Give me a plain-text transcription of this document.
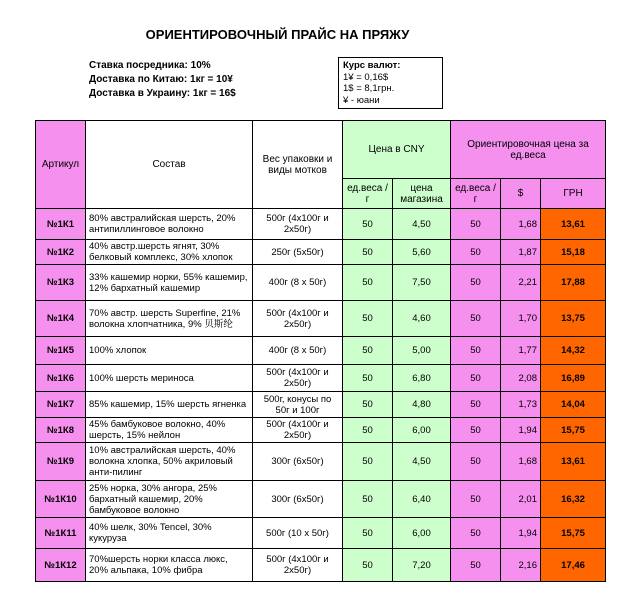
ОРИЕНТИРОВОЧНЫЙ ПРАЙС НА ПРЯЖУ
Ставка посредника: 10%
Доставка по Китаю: 1кг = 10¥
Доставка в Украину: 1кг = 16$
Курс валют:
1¥ = 0,16$
1$ = 8,1грн.
¥ - юани
Артикул	Состав	Вес упаковки и виды мотков	Цена в CNY		Ориентировочная цена за ед.веса		
			ед.веса /г	цена магазина	ед.веса /г	$	ГРН
№1К1	80% австралийская шерсть, 20% антипиллинговое волокно	500г (4х100г и 2х50г)	50	4,50	50	1,68	13,61
№1К2	40% австр.шерсть ягнят, 30% белковый комплекс, 30% хлопок	250г (5х50г)	50	5,60	50	1,87	15,18
№1К3	33% кашемир норки, 55% кашемир, 12% бархатный кашемир	400г (8 х 50г)	50	7,50	50	2,21	17,88
№1К4	70% австр. шерсть Superfine, 21% волокна хлопчатника, 9% 贝斯纶	500г (4х100г и 2х50г)	50	4,60	50	1,70	13,75
№1К5	100% хлопок	400г (8 х 50г)	50	5,00	50	1,77	14,32
№1К6	100% шерсть мериноса	500г (4х100г и 2х50г)	50	6,80	50	2,08	16,89
№1К7	85% кашемир, 15% шерсть ягненка	500г, конусы по 50г и 100г	50	4,80	50	1,73	14,04
№1К8	45% бамбуковое волокно, 40% шерсть, 15% нейлон	500г (4х100г и 2х50г)	50	6,00	50	1,94	15,75
№1К9	10% австралийская шерсть, 40% волокна хлопка, 50% акриловый анти-пилинг	300г (6х50г)	50	4,50	50	1,68	13,61
№1К10	25% норка, 30% ангора, 25% бархатный кашемир, 20% бамбуковое волокно	300г (6х50г)	50	6,40	50	2,01	16,32
№1К11	40% шелк, 30% Tencel, 30% кукуруза	500г (10 х 50г)	50	6,00	50	1,94	15,75
№1К12	70%шерсть норки класса люкс, 20% альпака, 10% фибра	500г (4х100г и 2х50г)	50	7,20	50	2,16	17,46
